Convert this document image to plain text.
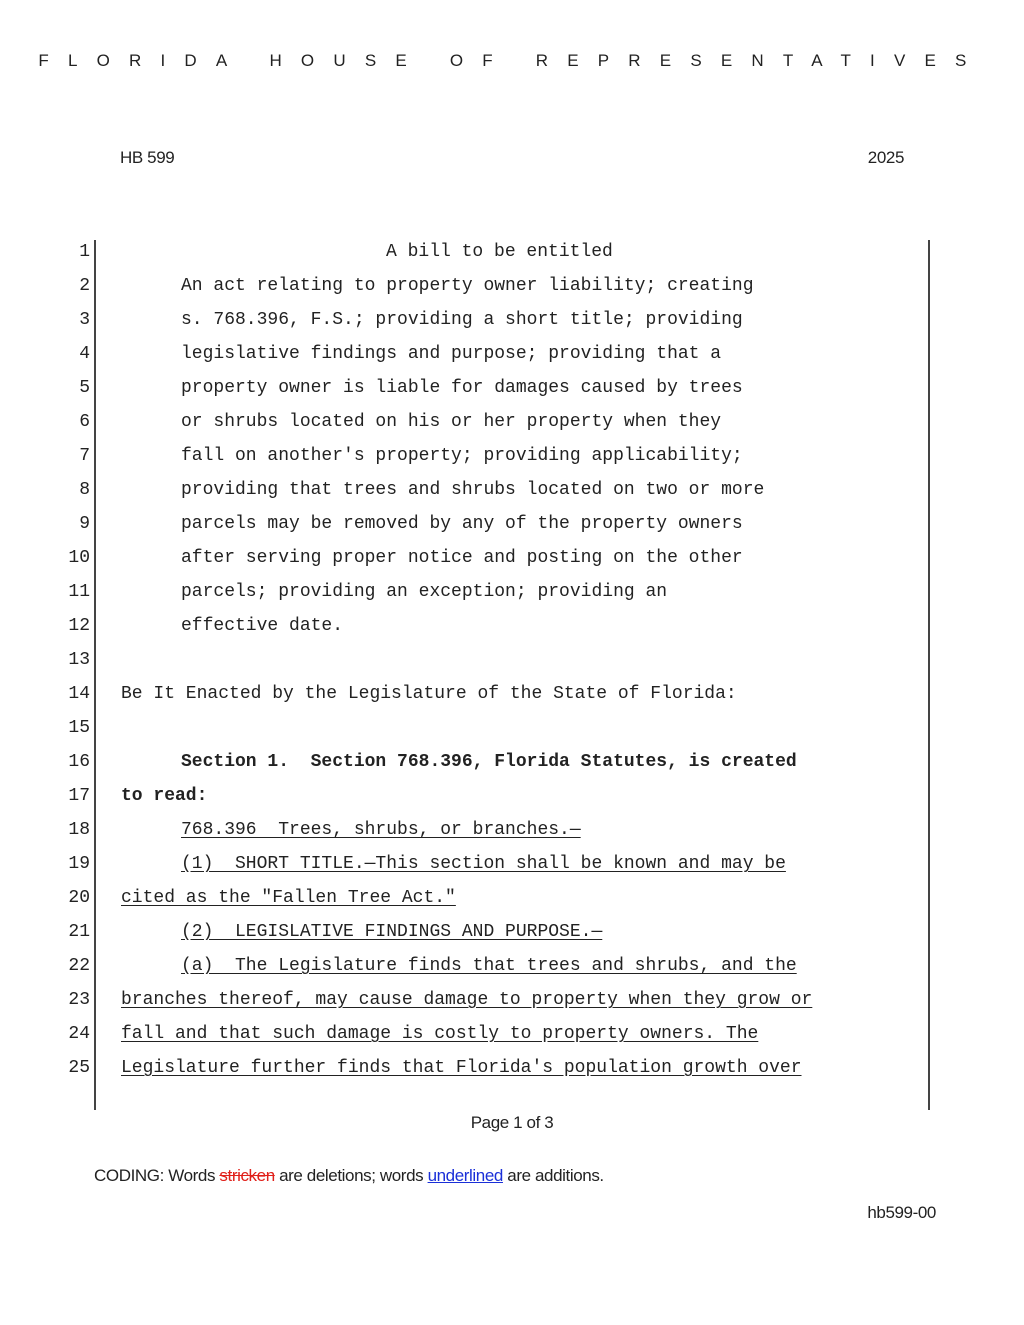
FLORIDA HOUSE OF REPRESENTATIVES
HB 599	2025
1	A bill to be entitled
2	An act relating to property owner liability; creating
3	s. 768.396, F.S.; providing a short title; providing
4	legislative findings and purpose; providing that a
5	property owner is liable for damages caused by trees
6	or shrubs located on his or her property when they
7	fall on another's property; providing applicability;
8	providing that trees and shrubs located on two or more
9	parcels may be removed by any of the property owners
10	after serving proper notice and posting on the other
11	parcels; providing an exception; providing an
12	effective date.
13
14 Be It Enacted by the Legislature of the State of Florida:
15
16	Section 1.  Section 768.396, Florida Statutes, is created
17 to read:
18	768.396  Trees, shrubs, or branches.—
19	(1)  SHORT TITLE.—This section shall be known and may be
20 cited as the "Fallen Tree Act."
21	(2)  LEGISLATIVE FINDINGS AND PURPOSE.—
22	(a)  The Legislature finds that trees and shrubs, and the
23 branches thereof, may cause damage to property when they grow or
24 fall and that such damage is costly to property owners. The
25 Legislature further finds that Florida's population growth over
Page 1 of 3
CODING: Words stricken are deletions; words underlined are additions.
hb599-00
